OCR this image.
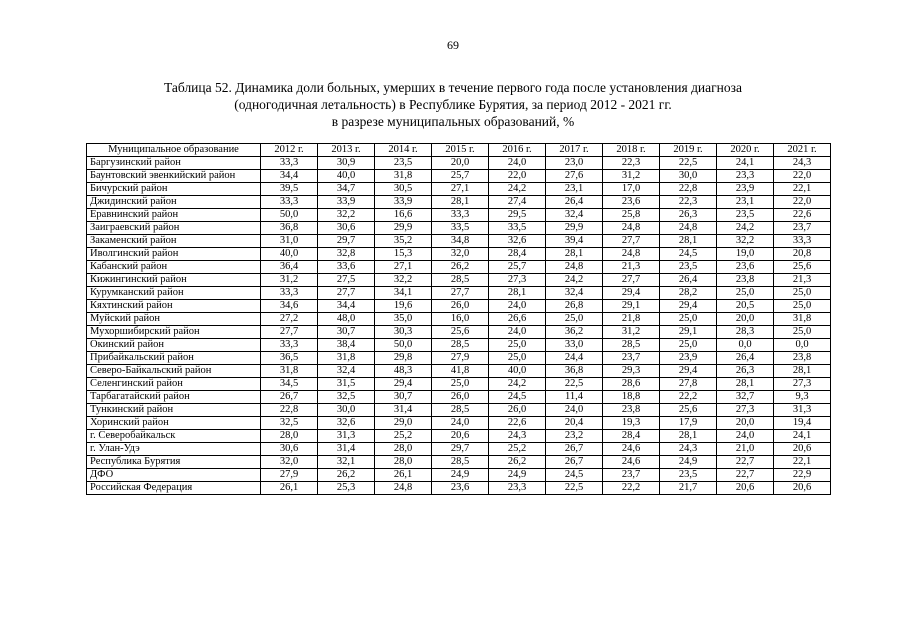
69
Таблица 52. Динамика доли больных, умерших в течение первого года после установления диагноза
(одногодичная летальность) в Республике Бурятия, за период 2012 - 2021 гг.
в разрезе муниципальных образований, %
Муниципальное образование	2012 г.	2013 г.	2014 г.	2015 г.	2016 г.	2017 г.	2018 г.	2019 г.	2020 г.	2021 г.
Баргузинский район	33,3	30,9	23,5	20,0	24,0	23,0	22,3	22,5	24,1	24,3
Баунтовский эвенкийский район	34,4	40,0	31,8	25,7	22,0	27,6	31,2	30,0	23,3	22,0
Бичурский район	39,5	34,7	30,5	27,1	24,2	23,1	17,0	22,8	23,9	22,1
Джидинский район	33,3	33,9	33,9	28,1	27,4	26,4	23,6	22,3	23,1	22,0
Еравнинский район	50,0	32,2	16,6	33,3	29,5	32,4	25,8	26,3	23,5	22,6
Заиграевский район	36,8	30,6	29,9	33,5	33,5	29,9	24,8	24,8	24,2	23,7
Закаменский район	31,0	29,7	35,2	34,8	32,6	39,4	27,7	28,1	32,2	33,3
Иволгинский район	40,0	32,8	15,3	32,0	28,4	28,1	24,8	24,5	19,0	20,8
Кабанский район	36,4	33,6	27,1	26,2	25,7	24,8	21,3	23,5	23,6	25,6
Кижингинский район	31,2	27,5	32,2	28,5	27,3	24,2	27,7	26,4	23,8	21,3
Курумканский район	33,3	27,7	34,1	27,7	28,1	32,4	29,4	28,2	25,0	25,0
Кяхтинский район	34,6	34,4	19,6	26,0	24,0	26,8	29,1	29,4	20,5	25,0
Муйский район	27,2	48,0	35,0	16,0	26,6	25,0	21,8	25,0	20,0	31,8
Мухоршибирский район	27,7	30,7	30,3	25,6	24,0	36,2	31,2	29,1	28,3	25,0
Окинский район	33,3	38,4	50,0	28,5	25,0	33,0	28,5	25,0	0,0	0,0
Прибайкальский район	36,5	31,8	29,8	27,9	25,0	24,4	23,7	23,9	26,4	23,8
Северо-Байкальский район	31,8	32,4	48,3	41,8	40,0	36,8	29,3	29,4	26,3	28,1
Селенгинский район	34,5	31,5	29,4	25,0	24,2	22,5	28,6	27,8	28,1	27,3
Тарбагатайский район	26,7	32,5	30,7	26,0	24,5	11,4	18,8	22,2	32,7	9,3
Тункинский район	22,8	30,0	31,4	28,5	26,0	24,0	23,8	25,6	27,3	31,3
Хоринский район	32,5	32,6	29,0	24,0	22,6	20,4	19,3	17,9	20,0	19,4
г. Северобайкальск	28,0	31,3	25,2	20,6	24,3	23,2	28,4	28,1	24,0	24,1
г. Улан-Удэ	30,6	31,4	28,0	29,7	25,2	26,7	24,6	24,3	21,0	20,6
Республика Бурятия	32,0	32,1	28,0	28,5	26,2	26,7	24,6	24,9	22,7	22,1
ДФО	27,9	26,2	26,1	24,9	24,9	24,5	23,7	23,5	22,7	22,9
Российская Федерация	26,1	25,3	24,8	23,6	23,3	22,5	22,2	21,7	20,6	20,6
